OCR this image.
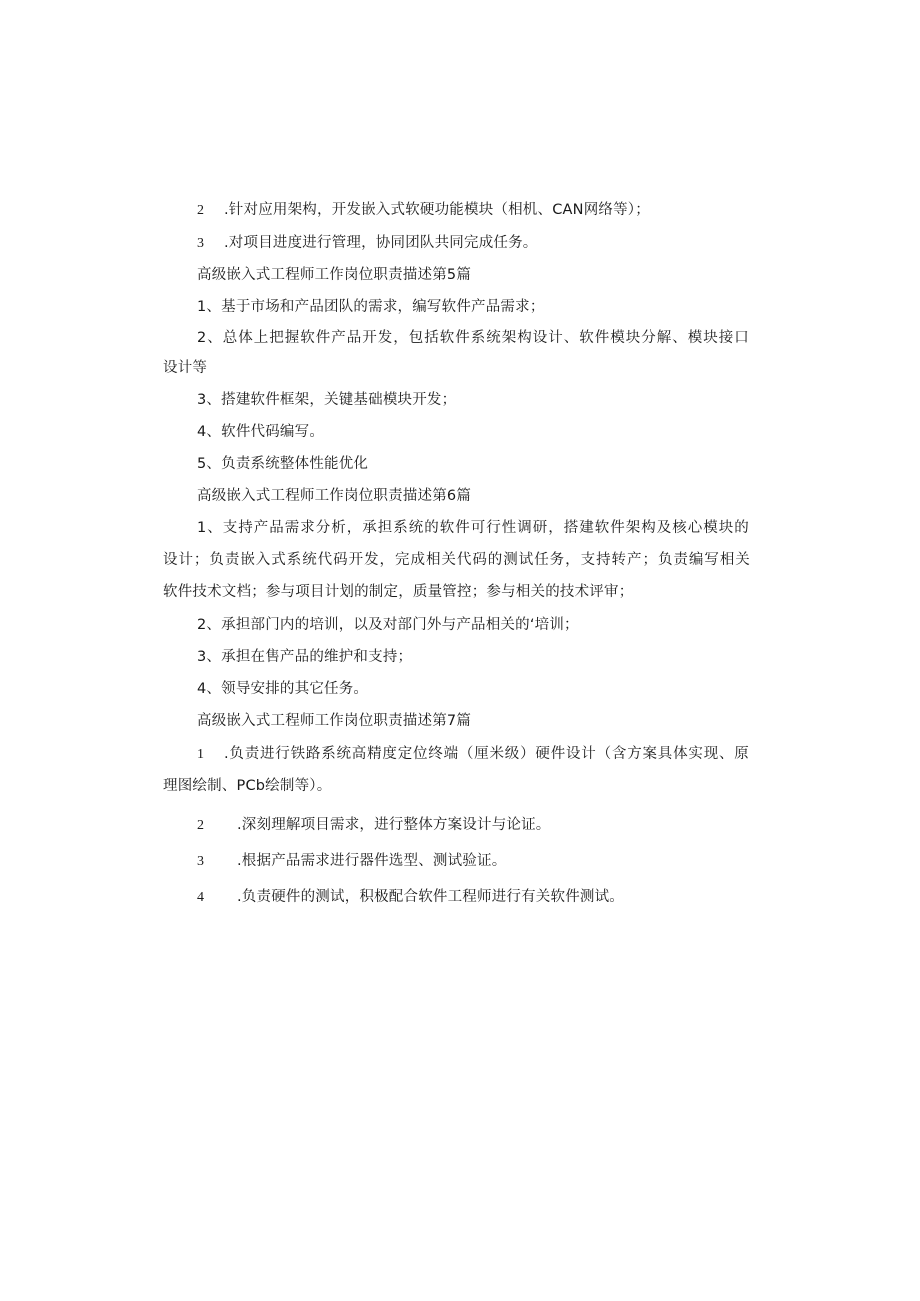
2 .针对应用架构，开发嵌入式软硬功能模块（相机、CAN网络等）；
3 .对项目进度进行管理，协同团队共同完成任务。
高级嵌入式工程师工作岗位职责描述第5篇
1、基于市场和产品团队的需求，编写软件产品需求；
2、总体上把握软件产品开发，包括软件系统架构设计、软件模块分解、模块接口
设计等
3、搭建软件框架，关键基础模块开发；
4、软件代码编写。
5、负责系统整体性能优化
高级嵌入式工程师工作岗位职责描述第6篇
1、支持产品需求分析，承担系统的软件可行性调研，搭建软件架构及核心模块的
设计；负责嵌入式系统代码开发，完成相关代码的测试任务，支持转产；负责编写相关
软件技术文档；参与项目计划的制定，质量管控；参与相关的技术评审；
2、承担部门内的培训，以及对部门外与产品相关的‘培训；
3、承担在售产品的维护和支持；
4、领导安排的其它任务。
高级嵌入式工程师工作岗位职责描述第7篇
1 .负责进行铁路系统高精度定位终端（厘米级）硬件设计（含方案具体实现、原
理图绘制、PCb绘制等）。
2 .深刻理解项目需求，进行整体方案设计与论证。
3 .根据产品需求进行器件选型、测试验证。
4 .负责硬件的测试，积极配合软件工程师进行有关软件测试。
